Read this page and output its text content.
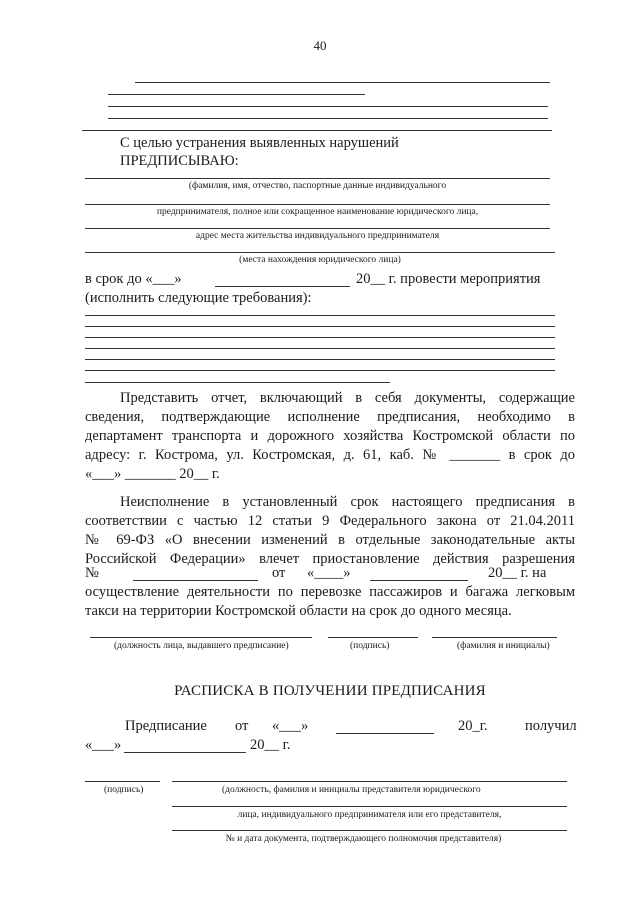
40
С целью устранения выявленных нарушений
ПРЕДПИСЫВАЮ:
(фамилия, имя, отчество, паспортные данные индивидуального
предпринимателя, полное или сокращенное наименование юридического лица,
адрес места жительства индивидуального предпринимателя
(места нахождения юридического лица)
в срок до «___»	20__ г. провести мероприятия
(исполнить следующие требования):
Представить отчет, включающий в себя документы, содержащие
сведения, подтверждающие исполнение предписания, необходимо в
департамент транспорта и дорожного хозяйства Костромской области по
адресу: г. Кострома, ул. Костромская, д. 61, каб. № _______ в срок до
«___» _______ 20__ г.
Неисполнение в установленный срок настоящего предписания в
соответствии с частью 12 статьи 9 Федерального закона от 21.04.2011
№ 69-ФЗ «О внесении изменений в отдельные законодательные акты
Российской Федерации» влечет приостановление действия разрешения
№	от «____»	20__ г. на
осуществление деятельности по перевозке пассажиров и багажа легковым
такси на территории Костромской области на срок до одного месяца.
(должность лица, выдавшего предписание)	(подпись)	(фамилия и инициалы)
РАСПИСКА В ПОЛУЧЕНИИ ПРЕДПИСАНИЯ
Предписание от «___»	20_г.	получил
«___»	20__ г.
(подпись)	(должность, фамилия и инициалы представителя юридического
лица, индивидуального предпринимателя или его представителя,
№ и дата документа, подтверждающего полномочия представителя)
